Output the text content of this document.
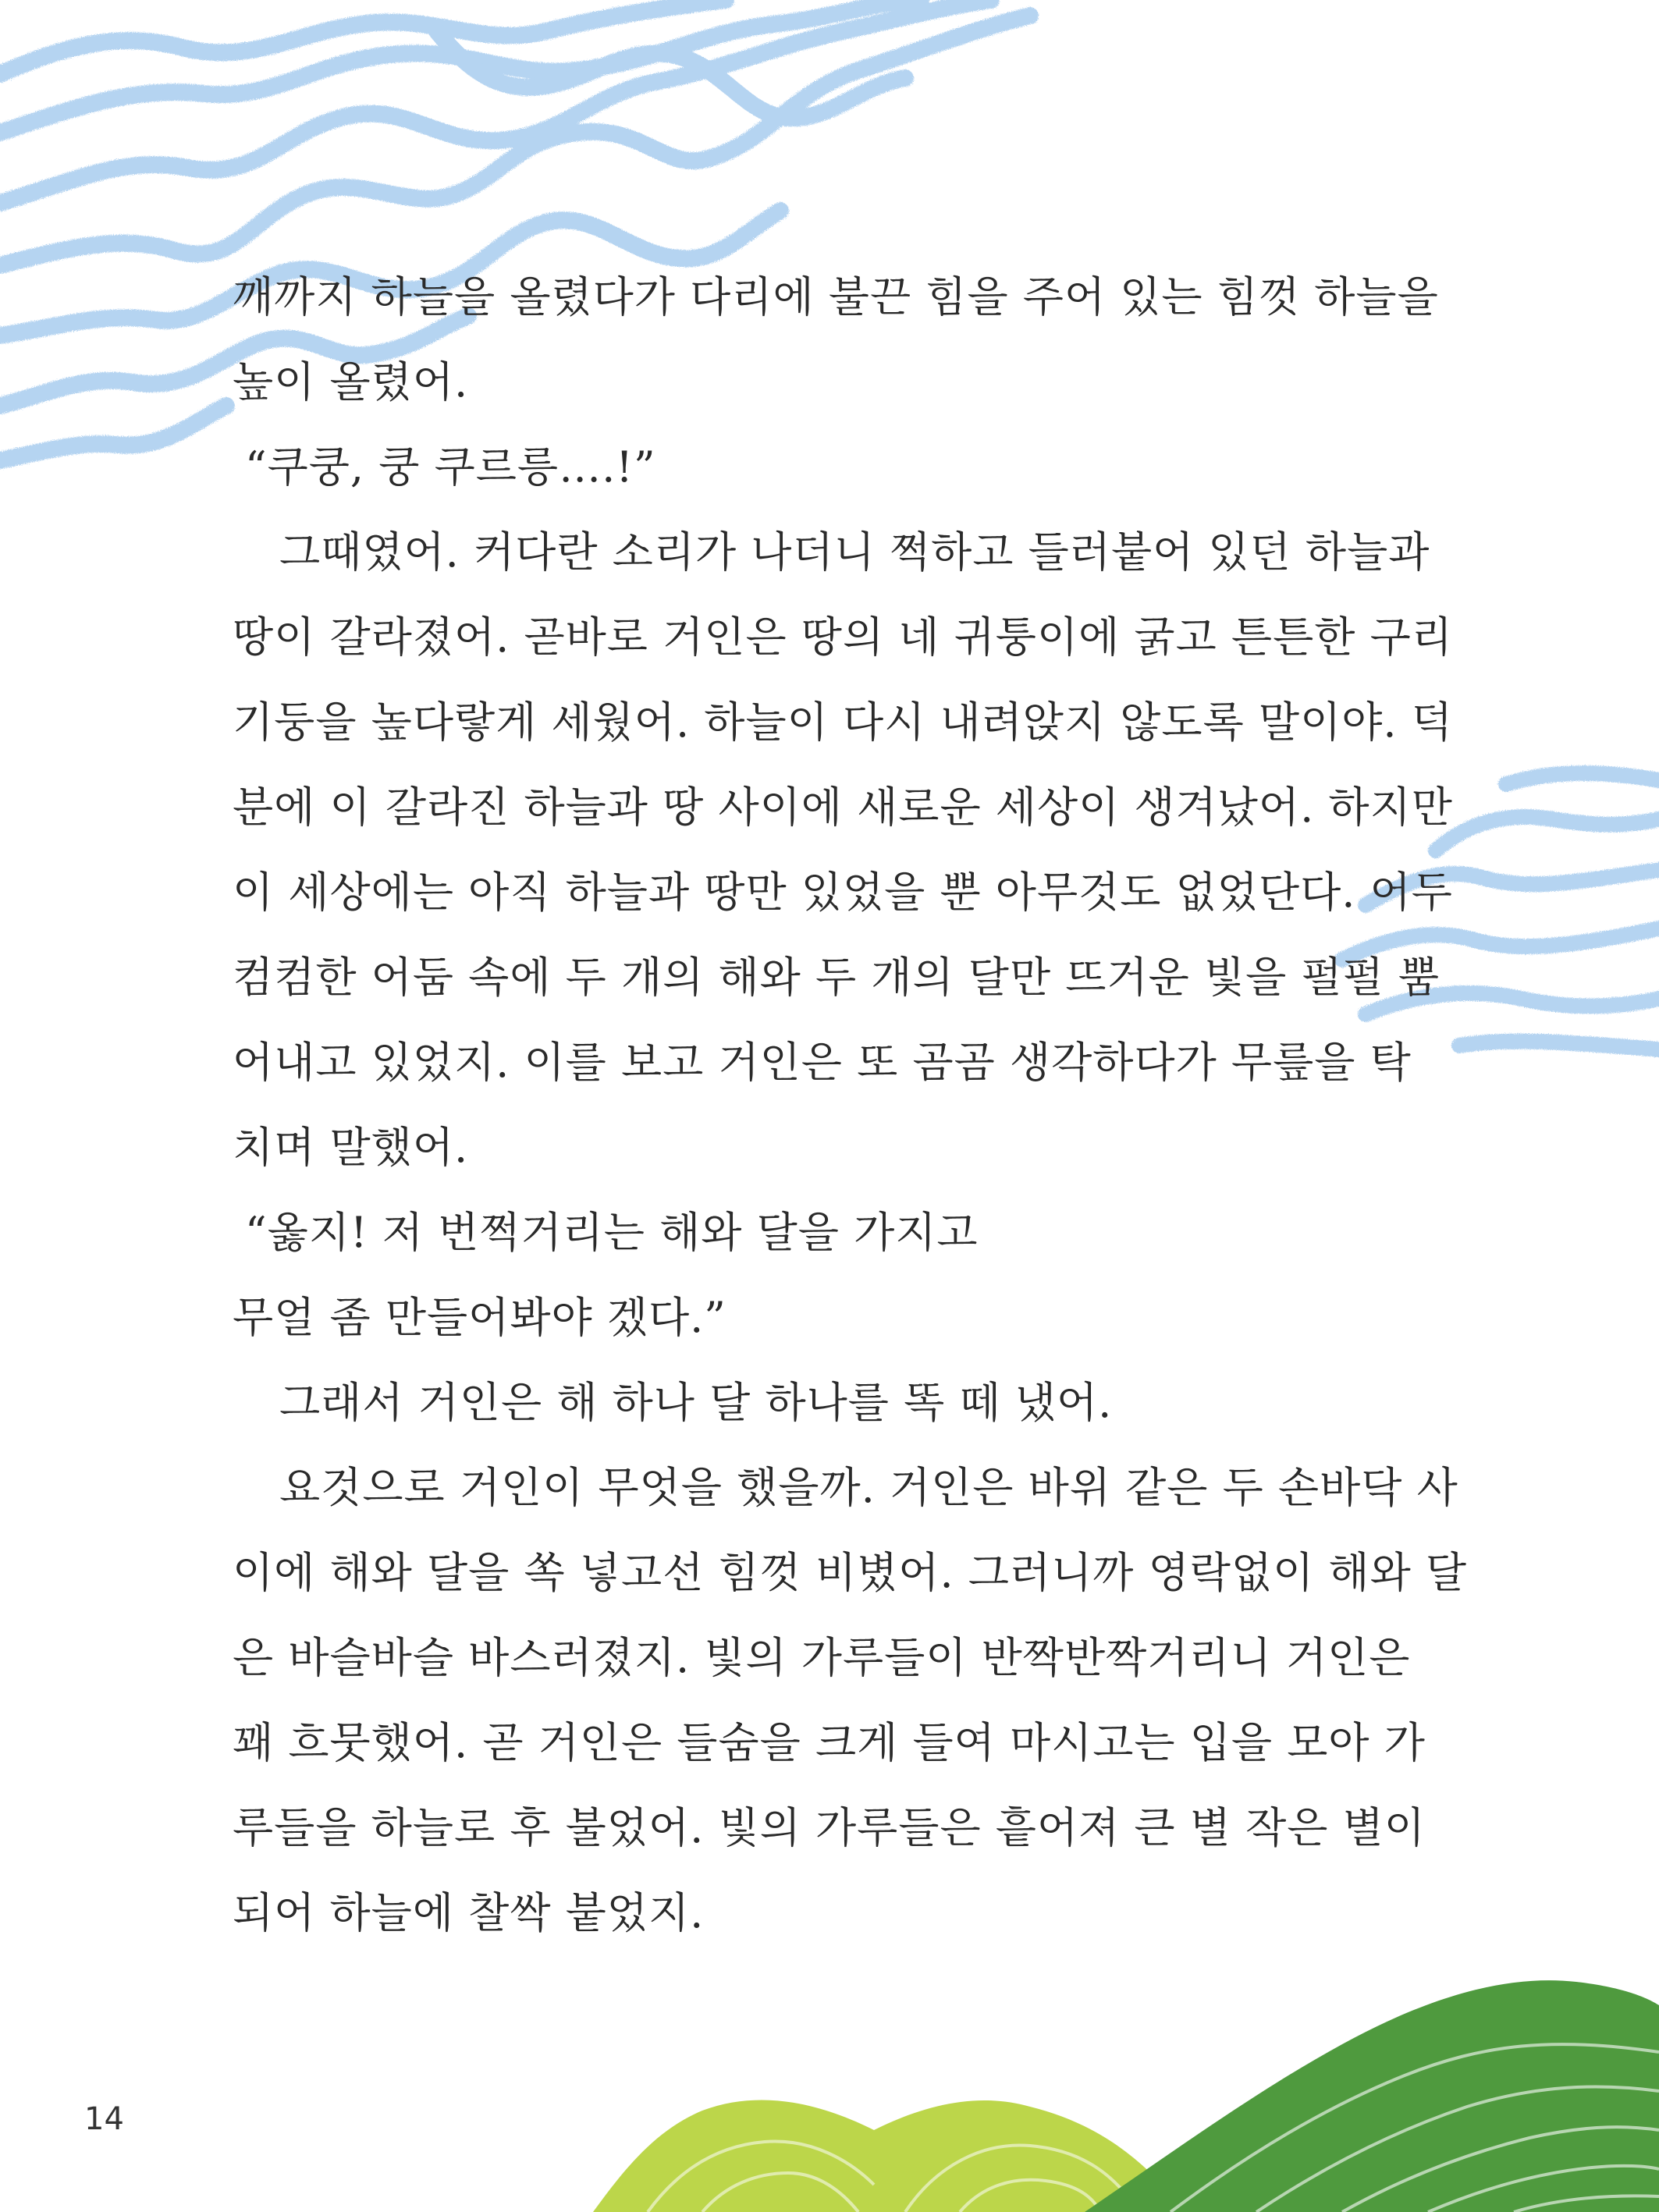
깨까지 하늘을 올렸다가 다리에 불끈 힘을 주어 있는 힘껏 하늘을
높이 올렸어.
“쿠쿵, 쿵 쿠르릉….!”
그때였어. 커다란 소리가 나더니 쩍하고 들러붙어 있던 하늘과
땅이 갈라졌어. 곧바로 거인은 땅의 네 귀퉁이에 굵고 튼튼한 구리
기둥을 높다랗게 세웠어. 하늘이 다시 내려앉지 않도록 말이야. 덕
분에 이 갈라진 하늘과 땅 사이에 새로운 세상이 생겨났어. 하지만
이 세상에는 아직 하늘과 땅만 있었을 뿐 아무것도 없었단다. 어두
컴컴한 어둠 속에 두 개의 해와 두 개의 달만 뜨거운 빛을 펄펄 뿜
어내고 있었지. 이를 보고 거인은 또 곰곰 생각하다가 무릎을 탁
치며 말했어.
“옳지! 저 번쩍거리는 해와 달을 가지고
무얼 좀 만들어봐야 겠다.”
그래서 거인은 해 하나 달 하나를 똑 떼 냈어.
요것으로 거인이 무엇을 했을까. 거인은 바위 같은 두 손바닥 사
이에 해와 달을 쏙 넣고선 힘껏 비볐어. 그러니까 영락없이 해와 달
은 바슬바슬 바스러졌지. 빛의 가루들이 반짝반짝거리니 거인은
꽤 흐뭇했어. 곧 거인은 들숨을 크게 들여 마시고는 입을 모아 가
루들을 하늘로 후 불었어. 빛의 가루들은 흩어져 큰 별 작은 별이
되어 하늘에 찰싹 붙었지.
14
